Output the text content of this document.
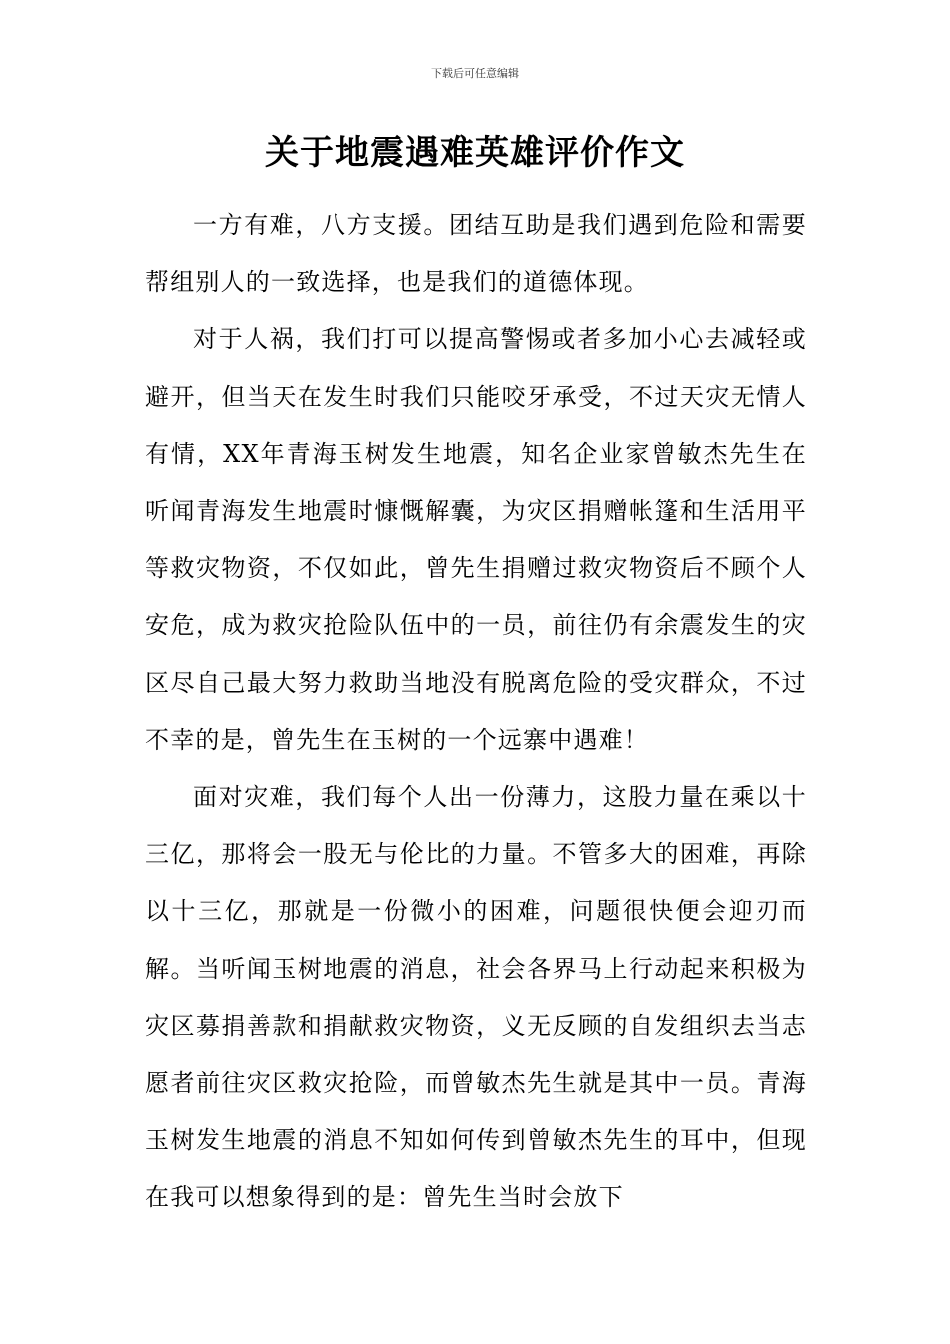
下载后可任意编辑
关于地震遇难英雄评价作文

一方有难，八方支援。团结互助是我们遇到危险和需要帮组别人的一致选择，也是我们的道德体现。

对于人祸，我们打可以提高警惕或者多加小心去减轻或避开，但当天在发生时我们只能咬牙承受，不过天灾无情人有情，XX年青海玉树发生地震，知名企业家曾敏杰先生在听闻青海发生地震时慷慨解囊，为灾区捐赠帐篷和生活用平等救灾物资，不仅如此，曾先生捐赠过救灾物资后不顾个人安危，成为救灾抢险队伍中的一员，前往仍有余震发生的灾区尽自己最大努力救助当地没有脱离危险的受灾群众，不过不幸的是，曾先生在玉树的一个远寨中遇难！

面对灾难，我们每个人出一份薄力，这股力量在乘以十三亿，那将会一股无与伦比的力量。不管多大的困难，再除以十三亿，那就是一份微小的困难，问题很快便会迎刃而解。当听闻玉树地震的消息，社会各界马上行动起来积极为灾区募捐善款和捐献救灾物资，义无反顾的自发组织去当志愿者前往灾区救灾抢险，而曾敏杰先生就是其中一员。青海玉树发生地震的消息不知如何传到曾敏杰先生的耳中，但现在我可以想象得到的是：曾先生当时会放下
